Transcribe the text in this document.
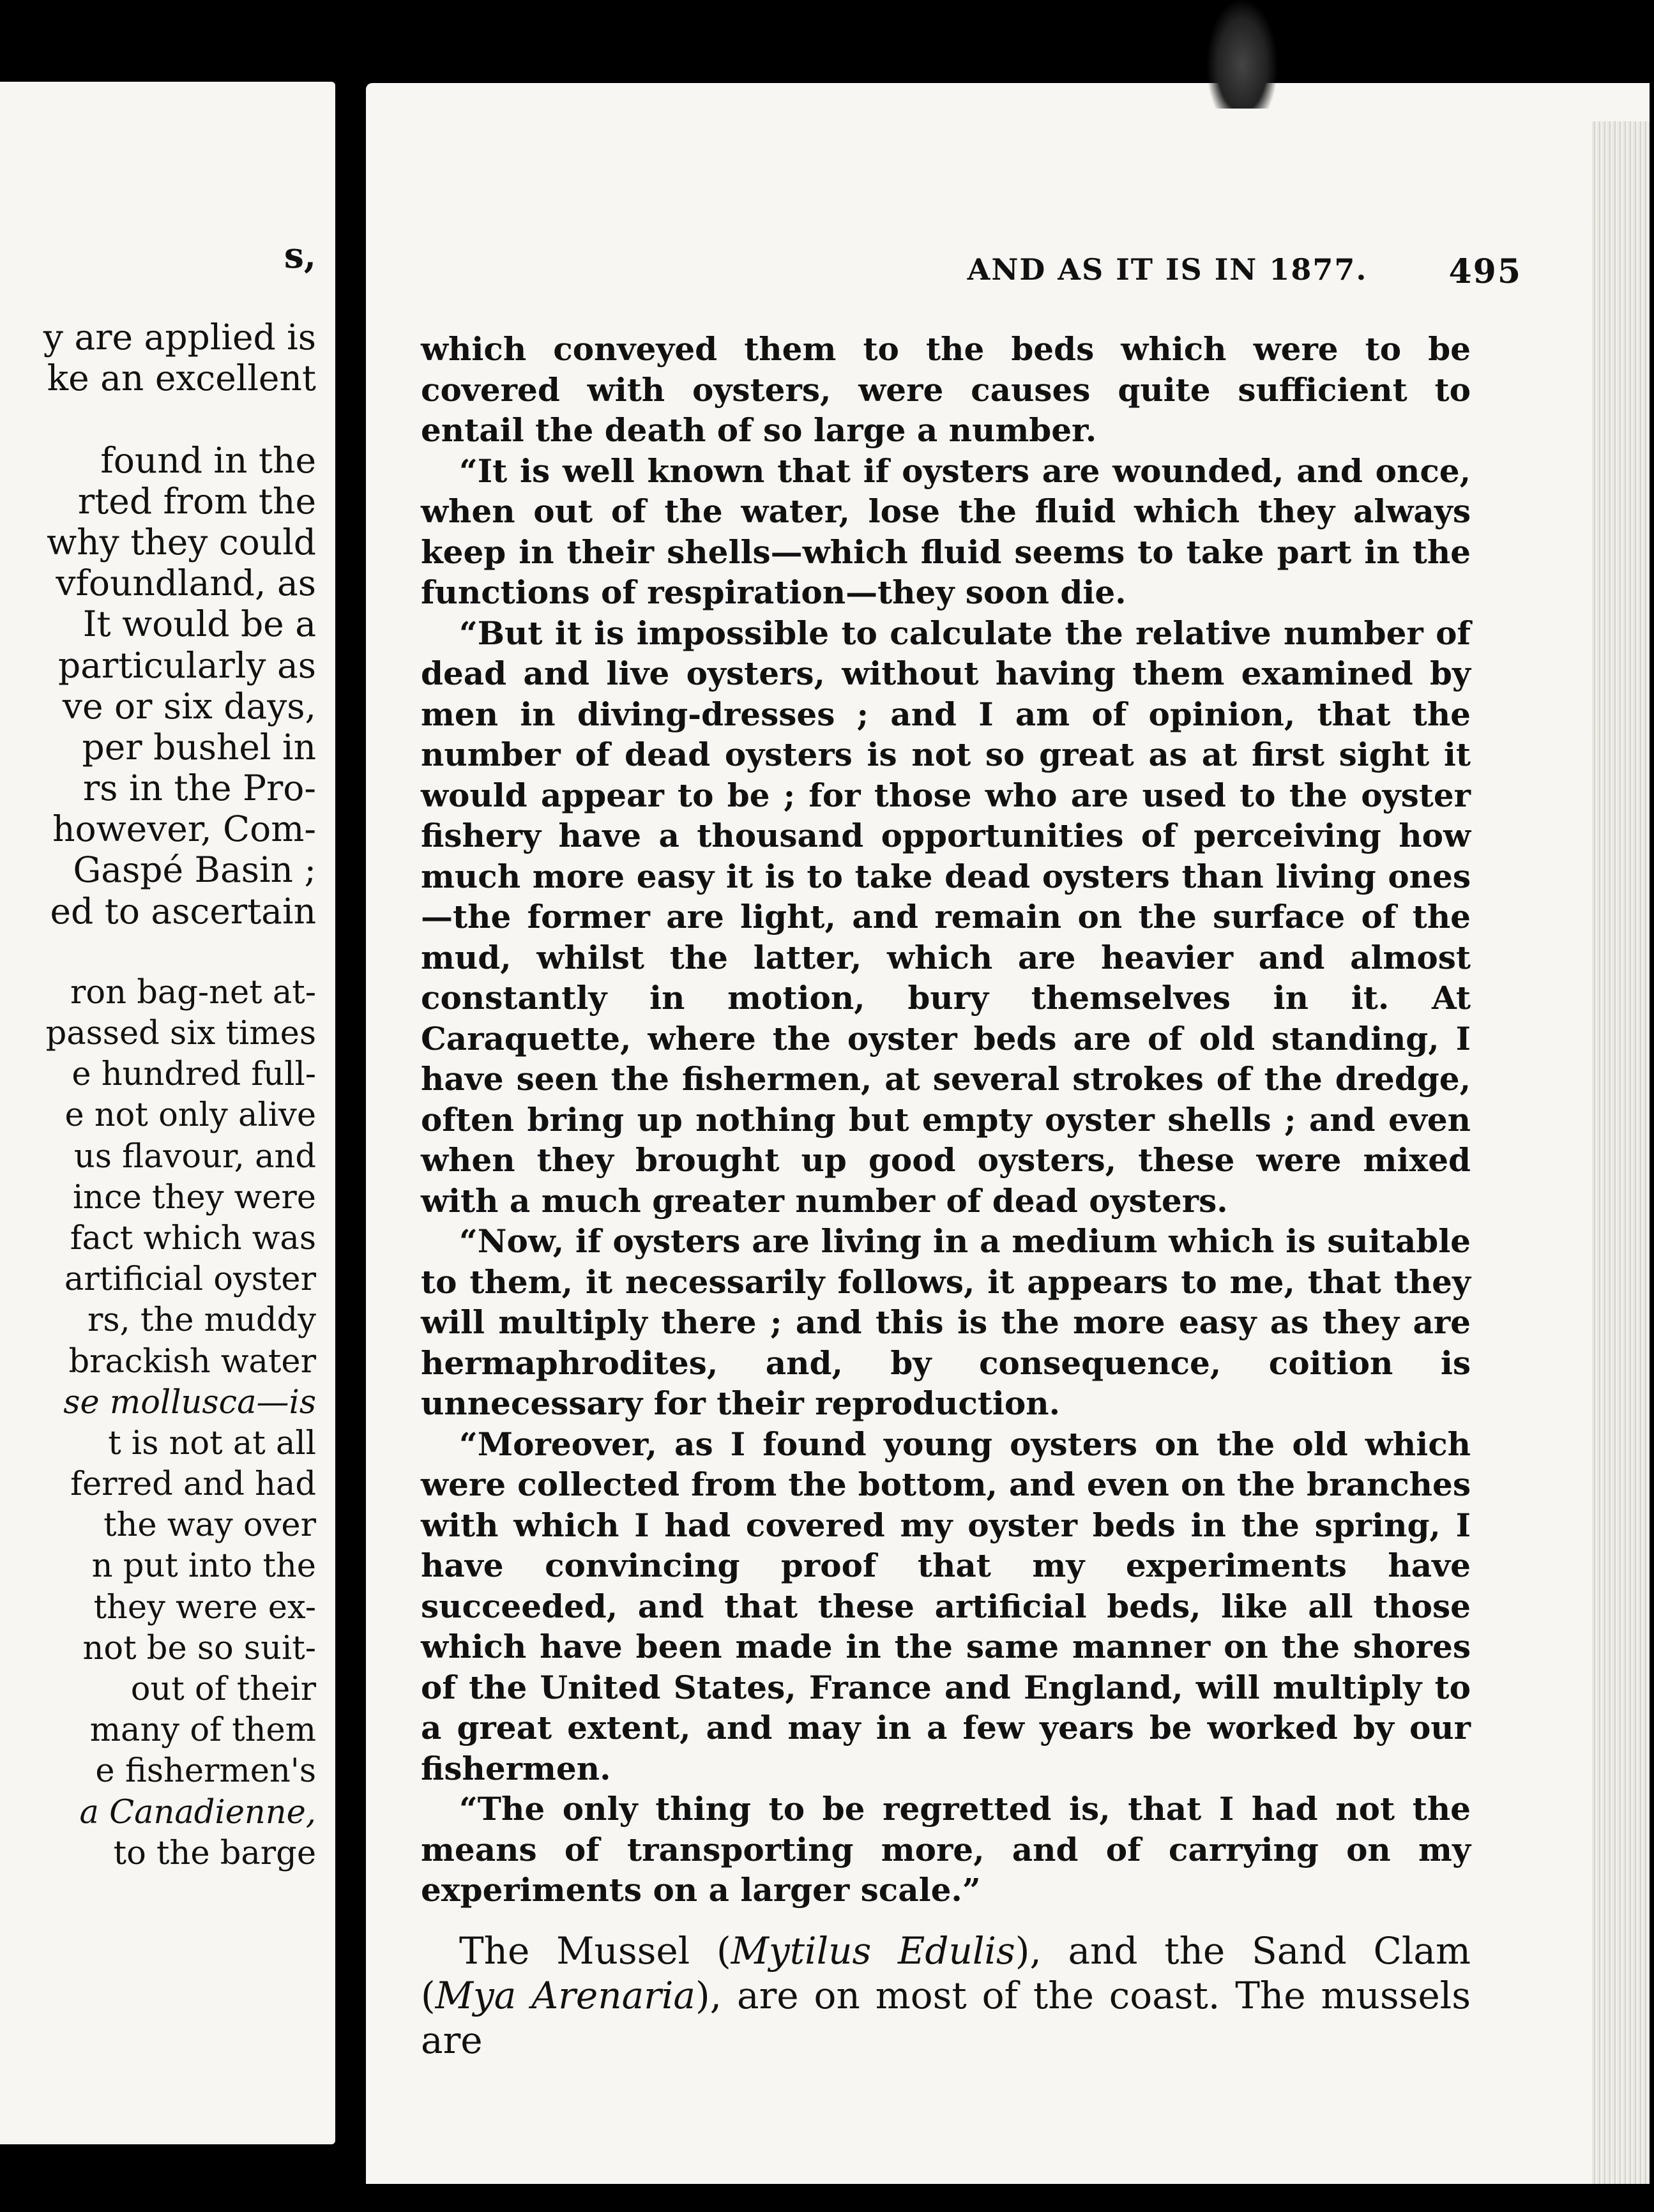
s,
y are applied is
ke an excellent
found in the
rted from the
why they could
vfoundland, as
It would be a
particularly as
ve or six days,
per bushel in
rs in the Pro-
however, Com-
Gaspé Basin ;
ed to ascertain
ron bag-net at-
passed six times
e hundred full-
e not only alive
us flavour, and
ince they were
fact which was
artificial oyster
rs, the muddy
brackish water
se mollusca—is
t is not at all
ferred and had
the way over
n put into the
they were ex-
not be so suit-
out of their
many of them
e fishermen's
a Canadienne,
to the barge
AND AS IT IS IN 1877. 495

which conveyed them to the beds which were to be covered with oysters, were causes quite sufficient to entail the death of so large a number.

“It is well known that if oysters are wounded, and once, when out of the water, lose the fluid which they always keep in their shells—which fluid seems to take part in the functions of respiration—they soon die.

“But it is impossible to calculate the relative number of dead and live oysters, without having them examined by men in diving-dresses ; and I am of opinion, that the number of dead oysters is not so great as at first sight it would appear to be ; for those who are used to the oyster fishery have a thousand opportunities of perceiving how much more easy it is to take dead oysters than living ones—the former are light, and remain on the surface of the mud, whilst the latter, which are heavier and almost constantly in motion, bury themselves in it. At Caraquette, where the oyster beds are of old standing, I have seen the fishermen, at several strokes of the dredge, often bring up nothing but empty oyster shells ; and even when they brought up good oysters, these were mixed with a much greater number of dead oysters.

“Now, if oysters are living in a medium which is suitable to them, it necessarily follows, it appears to me, that they will multiply there ; and this is the more easy as they are hermaphrodites, and, by consequence, coition is unnecessary for their reproduction.

“Moreover, as I found young oysters on the old which were collected from the bottom, and even on the branches with which I had covered my oyster beds in the spring, I have convincing proof that my experiments have succeeded, and that these artificial beds, like all those which have been made in the same manner on the shores of the United States, France and England, will multiply to a great extent, and may in a few years be worked by our fishermen.

“The only thing to be regretted is, that I had not the means of transporting more, and of carrying on my experiments on a larger scale.”

The Mussel (Mytilus Edulis), and the Sand Clam (Mya Arenaria), are on most of the coast. The mussels are
